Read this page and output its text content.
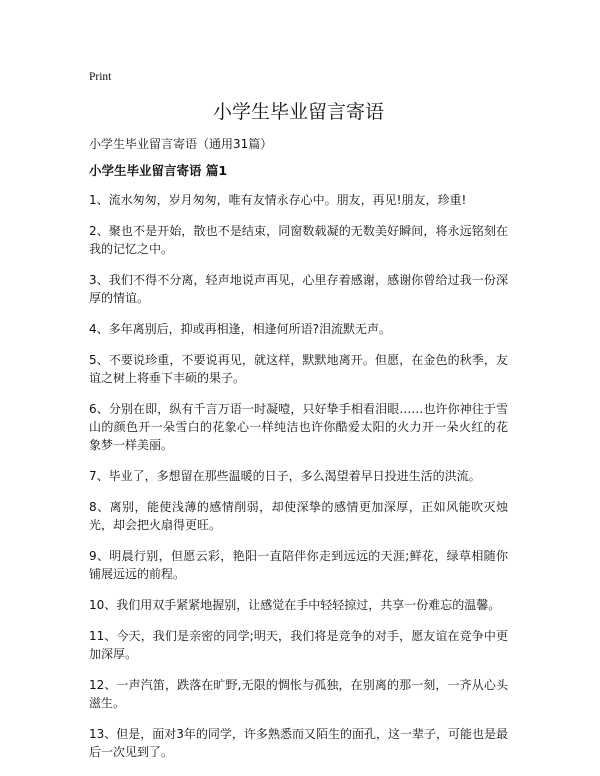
Print
小学生毕业留言寄语
小学生毕业留言寄语（通用31篇）
小学生毕业留言寄语 篇1
1、流水匆匆，岁月匆匆，唯有友情永存心中。朋友，再见!朋友，珍重!
2、聚也不是开始，散也不是结束，同窗数载凝的无数美好瞬间，将永远铭刻在我的记忆之中。
3、我们不得不分离，轻声地说声再见，心里存着感谢，感谢你曾给过我一份深厚的情谊。
4、多年离别后，抑或再相逢，相逢何所语?泪流默无声。
5、不要说珍重，不要说再见，就这样，默默地离开。但愿，在金色的秋季，友谊之树上将垂下丰硕的果子。
6、分别在即，纵有千言万语一时凝噎，只好挚手相看泪眼……也许你神往于雪山的颜色开一朵雪白的花象心一样纯洁也许你酷爱太阳的火力开一朵火红的花象梦一样美丽。
7、毕业了，多想留在那些温暖的日子，多么渴望着早日投进生活的洪流。
8、离别，能使浅薄的感情削弱，却使深挚的感情更加深厚，正如风能吹灭烛光，却会把火扇得更旺。
9、明晨行别，但愿云彩，艳阳一直陪伴你走到远远的天涯;鲜花，绿草相随你铺展远远的前程。
10、我们用双手紧紧地握别，让感觉在手中轻轻掠过，共享一份难忘的温馨。
11、今天，我们是亲密的同学;明天，我们将是竞争的对手，愿友谊在竞争中更加深厚。
12、一声汽笛，跌落在旷野,无限的惆怅与孤独，在别离的那一刻，一齐从心头滋生。
13、但是，面对3年的同学，许多熟悉而又陌生的面孔，这一辈子，可能也是最后一次见到了。
